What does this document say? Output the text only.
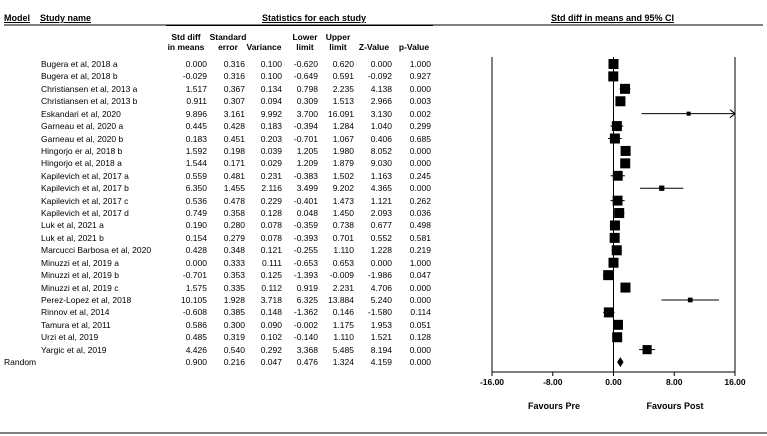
Model Study name	Statistics for each study	Std diff in means and 95% CI
Std diff
in means
Standard
error	Variance
Lower
limit
Upper
limit	Z-Value	p-Value
Bugera et al, 2018 a	0.000	0.316	0.100	-0.620	0.620	0.000	1.000
Bugera et al, 2018 b	-0.029	0.316	0.100	-0.649	0.591	-0.092	0.927
Christiansen et al, 2013 a	1.517	0.367	0.134	0.798	2.235	4.138	0.000
Christiansen et al, 2013 b	0.911	0.307	0.094	0.309	1.513	2.966	0.003
Eskandari et al, 2020	9.896	3.161	9.992	3.700	16.091	3.130	0.002
Garneau et al, 2020 a	0.445	0.428	0.183	-0.394	1.284	1.040	0.299
Garneau et al, 2020 b	0.183	0.451	0.203	-0.701	1.067	0.406	0.685
Hingorjo er al, 2018 b	1.592	0.198	0.039	1.205	1.980	8.052	0.000
Hingorjo et al, 2018 a	1.544	0.171	0.029	1.209	1.879	9.030	0.000
Kapilevich et al, 2017 a	0.559	0.481	0.231	-0.383	1.502	1.163	0.245
Kapilevich et al, 2017 b	6.350	1.455	2.116	3.499	9.202	4.365	0.000
Kapilevich et al, 2017 c	0.536	0.478	0.229	-0.401	1.473	1.121	0.262
Kapilevich et al, 2017 d	0.749	0.358	0.128	0.048	1.450	2.093	0.036
Luk et al, 2021 a	0.190	0.280	0.078	-0.359	0.738	0.677	0.498
Luk et al, 2021 b	0.154	0.279	0.078	-0.393	0.701	0.552	0.581
Marcucci Barbosa et al, 2020	0.428	0.348	0.121	-0.255	1.110	1.228	0.219
Minuzzi et al, 2019 a	0.000	0.333	0.111	-0.653	0.653	0.000	1.000
Minuzzi et al, 2019 b	-0.701	0.353	0.125	-1.393	-0.009	-1.986	0.047
Minuzzi et al, 2019 c	1.575	0.335	0.112	0.919	2.231	4.706	0.000
Perez-Lopez et al, 2018	10.105	1.928	3.718	6.325	13.884	5.240	0.000
Rinnov et al, 2014	-0.608	0.385	0.148	-1.362	0.146	-1.580	0.114
Tamura et al, 2011	0.586	0.300	0.090	-0.002	1.175	1.953	0.051
Urzi et al, 2019	0.485	0.319	0.102	-0.140	1.110	1.521	0.128
Yargic et al, 2019	4.426	0.540	0.292	3.368	5.485	8.194	0.000
Random	0.900	0.216	0.047	0.476	1.324	4.159	0.000
-16.00	-8.00	0.00	8.00	16.00
Favours Pre	Favours Post
